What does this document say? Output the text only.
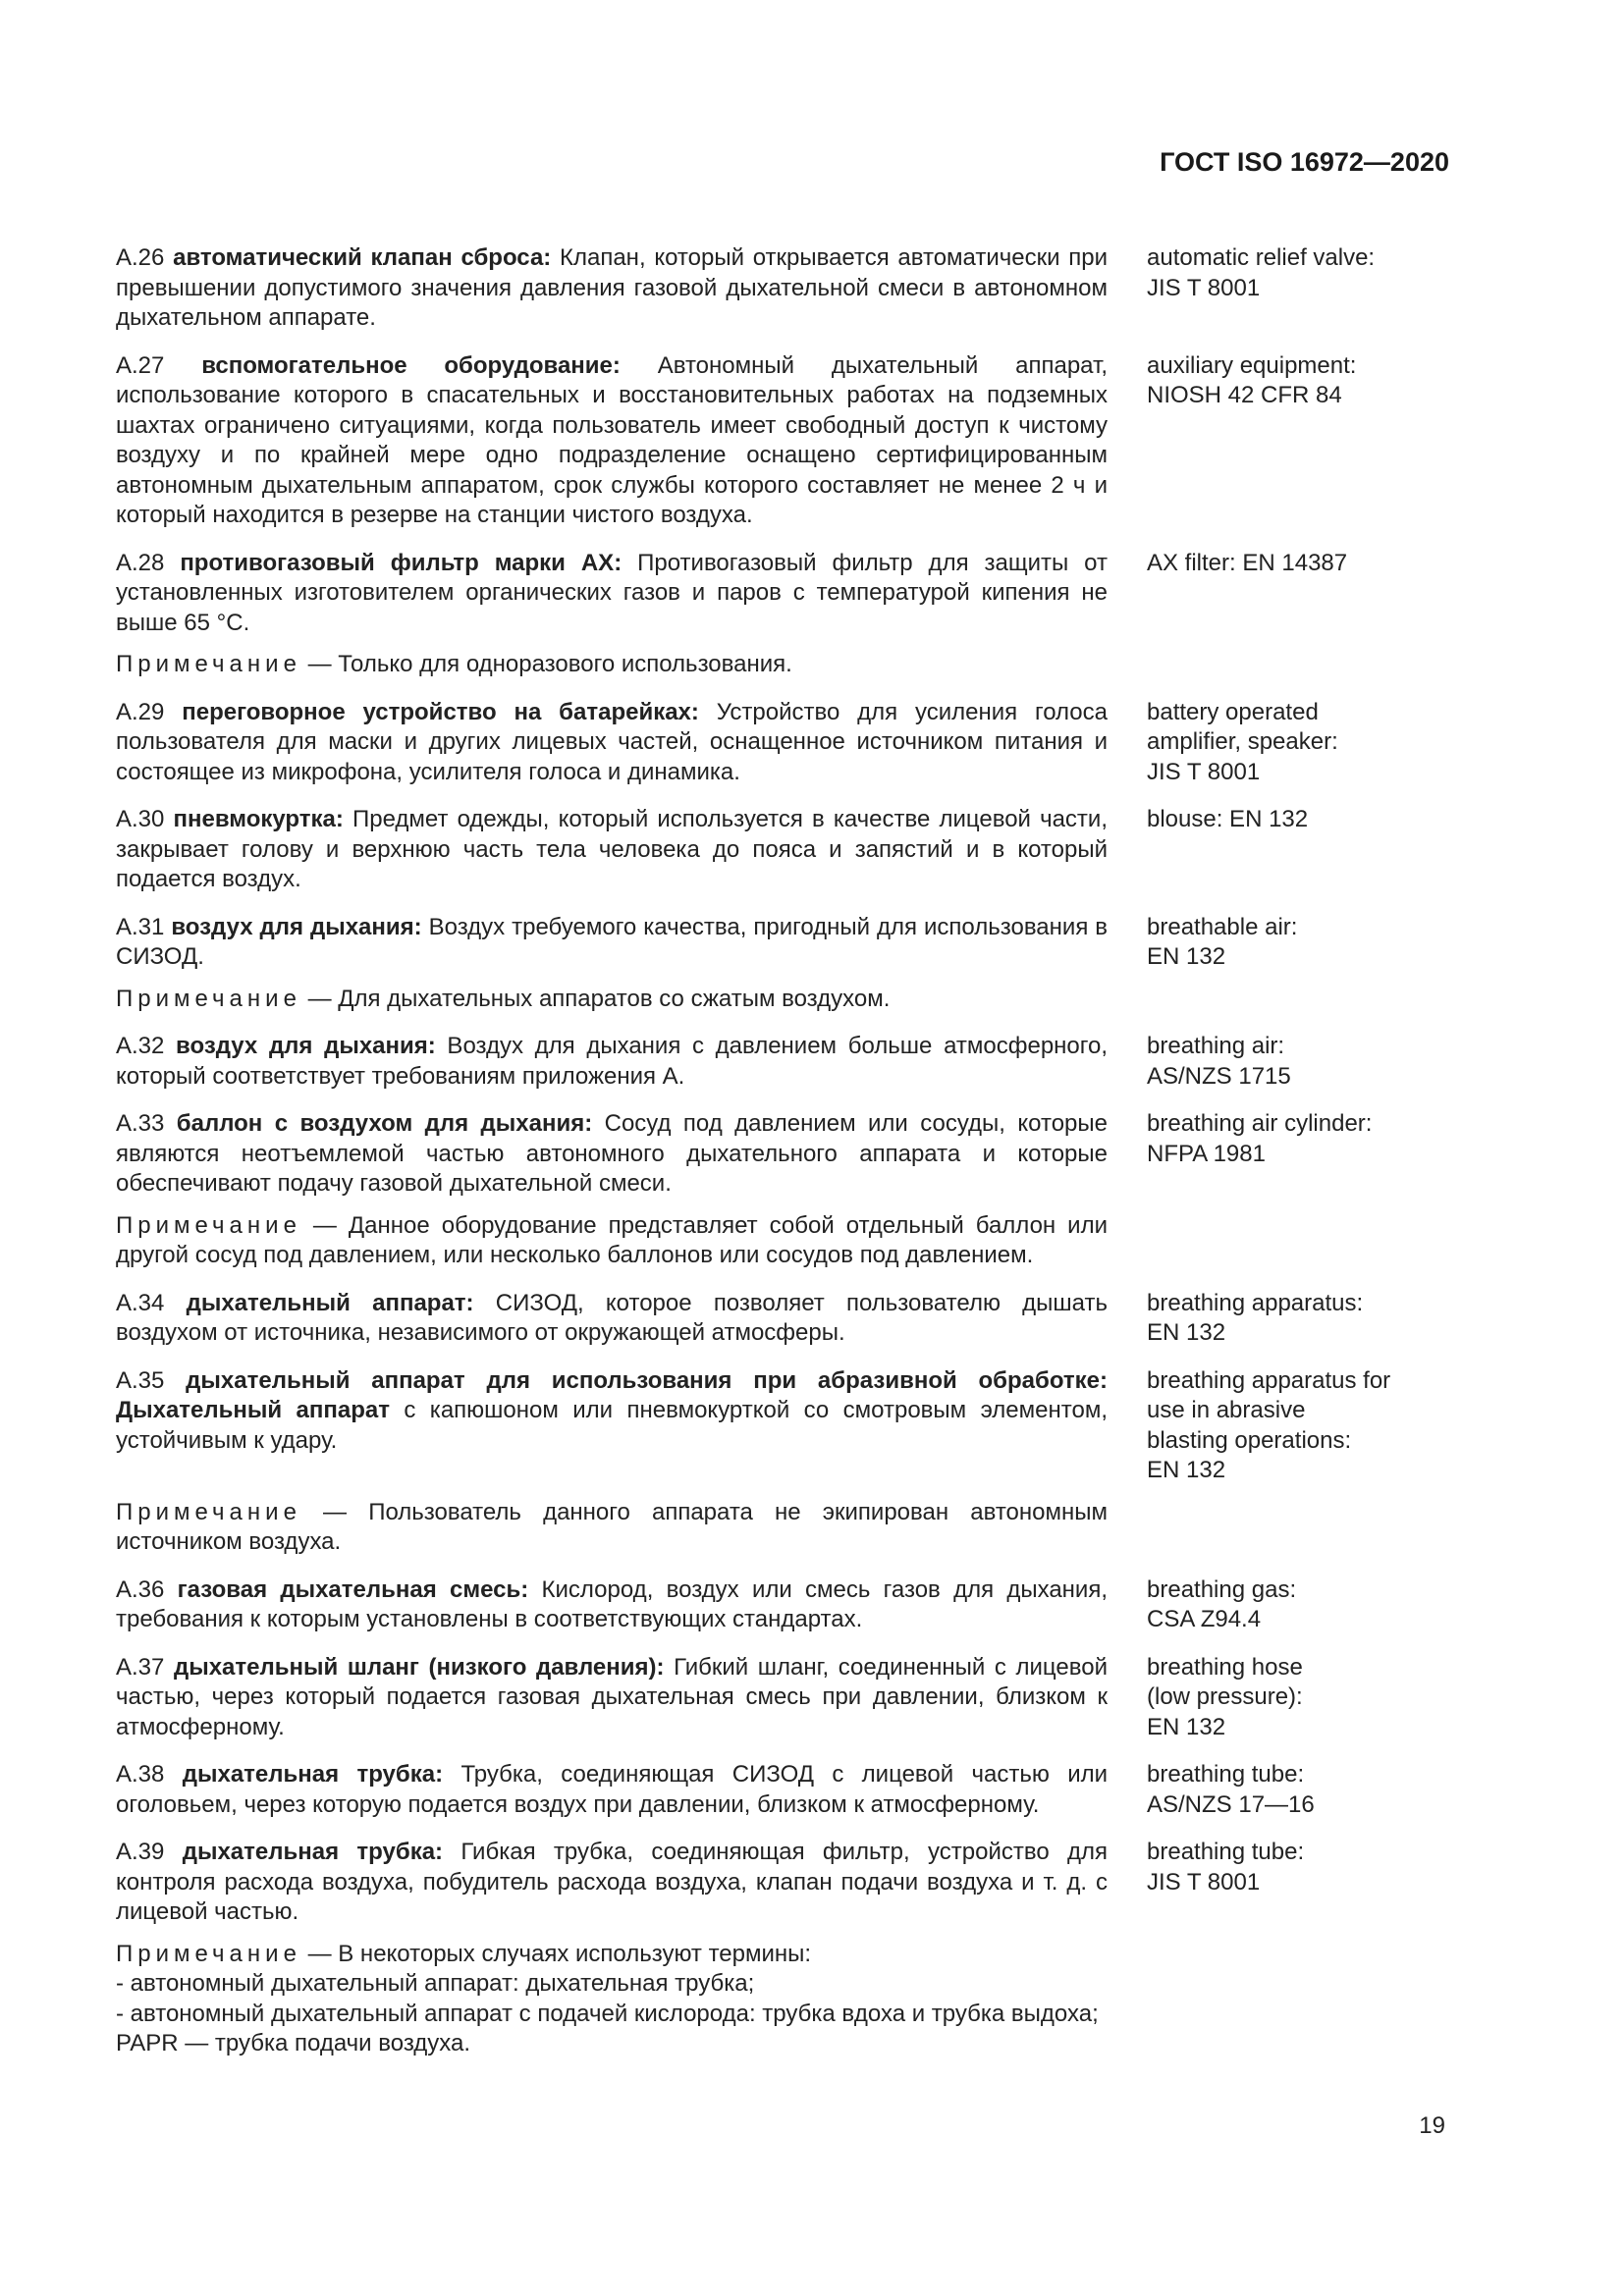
ГОСТ ISO 16972—2020
А.26 автоматический клапан сброса: Клапан, который открывается автоматически при превышении допустимого значения давления газовой дыхательной смеси в автономном дыхательном аппарате.
automatic relief valve:
JIS T 8001
А.27 вспомогательное оборудование: Автономный дыхательный аппарат, использование которого в спасательных и восстановительных работах на подземных шахтах ограничено ситуациями, когда пользователь имеет свободный доступ к чистому воздуху и по крайней мере одно подразделение оснащено сертифицированным автономным дыхательным аппаратом, срок службы которого составляет не менее 2 ч и который находится в резерве на станции чистого воздуха.
auxiliary equipment:
NIOSH 42 CFR 84
А.28 противогазовый фильтр марки АХ: Противогазовый фильтр для защиты от установленных изготовителем органических газов и паров с температурой кипения не выше 65 °C.
AX filter: EN 14387
Примечание — Только для одноразового использования.
А.29 переговорное устройство на батарейках: Устройство для усиления голоса пользователя для маски и других лицевых частей, оснащенное источником питания и состоящее из микрофона, усилителя голоса и динамика.
battery operated
amplifier, speaker:
JIS T 8001
А.30 пневмокуртка: Предмет одежды, который используется в качестве лицевой части, закрывает голову и верхнюю часть тела человека до пояса и запястий и в который подается воздух.
blouse: EN 132
А.31 воздух для дыхания: Воздух требуемого качества, пригодный для использования в СИЗОД.
breathable air:
EN 132
Примечание — Для дыхательных аппаратов со сжатым воздухом.
А.32 воздух для дыхания: Воздух для дыхания с давлением больше атмосферного, который соответствует требованиям приложения А.
breathing air:
AS/NZS 1715
А.33 баллон с воздухом для дыхания: Сосуд под давлением или сосуды, которые являются неотъемлемой частью автономного дыхательного аппарата и которые обеспечивают подачу газовой дыхательной смеси.
breathing air cylinder:
NFPA 1981
Примечание — Данное оборудование представляет собой отдельный баллон или другой сосуд под давлением, или несколько баллонов или сосудов под давлением.
А.34 дыхательный аппарат: СИЗОД, которое позволяет пользователю дышать воздухом от источника, независимого от окружающей атмосферы.
breathing apparatus:
EN 132
А.35 дыхательный аппарат для использования при абразивной обработке: Дыхательный аппарат с капюшоном или пневмокурткой со смотровым элементом, устойчивым к удару.
breathing apparatus for
use in abrasive
blasting operations:
EN 132
Примечание — Пользователь данного аппарата не экипирован автономным источником воздуха.
А.36 газовая дыхательная смесь: Кислород, воздух или смесь газов для дыхания, требования к которым установлены в соответствующих стандартах.
breathing gas:
CSA Z94.4
А.37 дыхательный шланг (низкого давления): Гибкий шланг, соединенный с лицевой частью, через который подается газовая дыхательная смесь при давлении, близком к атмосферному.
breathing hose
(low pressure):
EN 132
А.38 дыхательная трубка: Трубка, соединяющая СИЗОД с лицевой частью или оголовьем, через которую подается воздух при давлении, близком к атмосферному.
breathing tube:
AS/NZS 17—16
А.39 дыхательная трубка: Гибкая трубка, соединяющая фильтр, устройство для контроля расхода воздуха, побудитель расхода воздуха, клапан подачи воздуха и т. д. с лицевой частью.
breathing tube:
JIS T 8001
Примечание — В некоторых случаях используют термины:
- автономный дыхательный аппарат: дыхательная трубка;
- автономный дыхательный аппарат с подачей кислорода: трубка вдоха и трубка выдоха;
PAPR — трубка подачи воздуха.
19
